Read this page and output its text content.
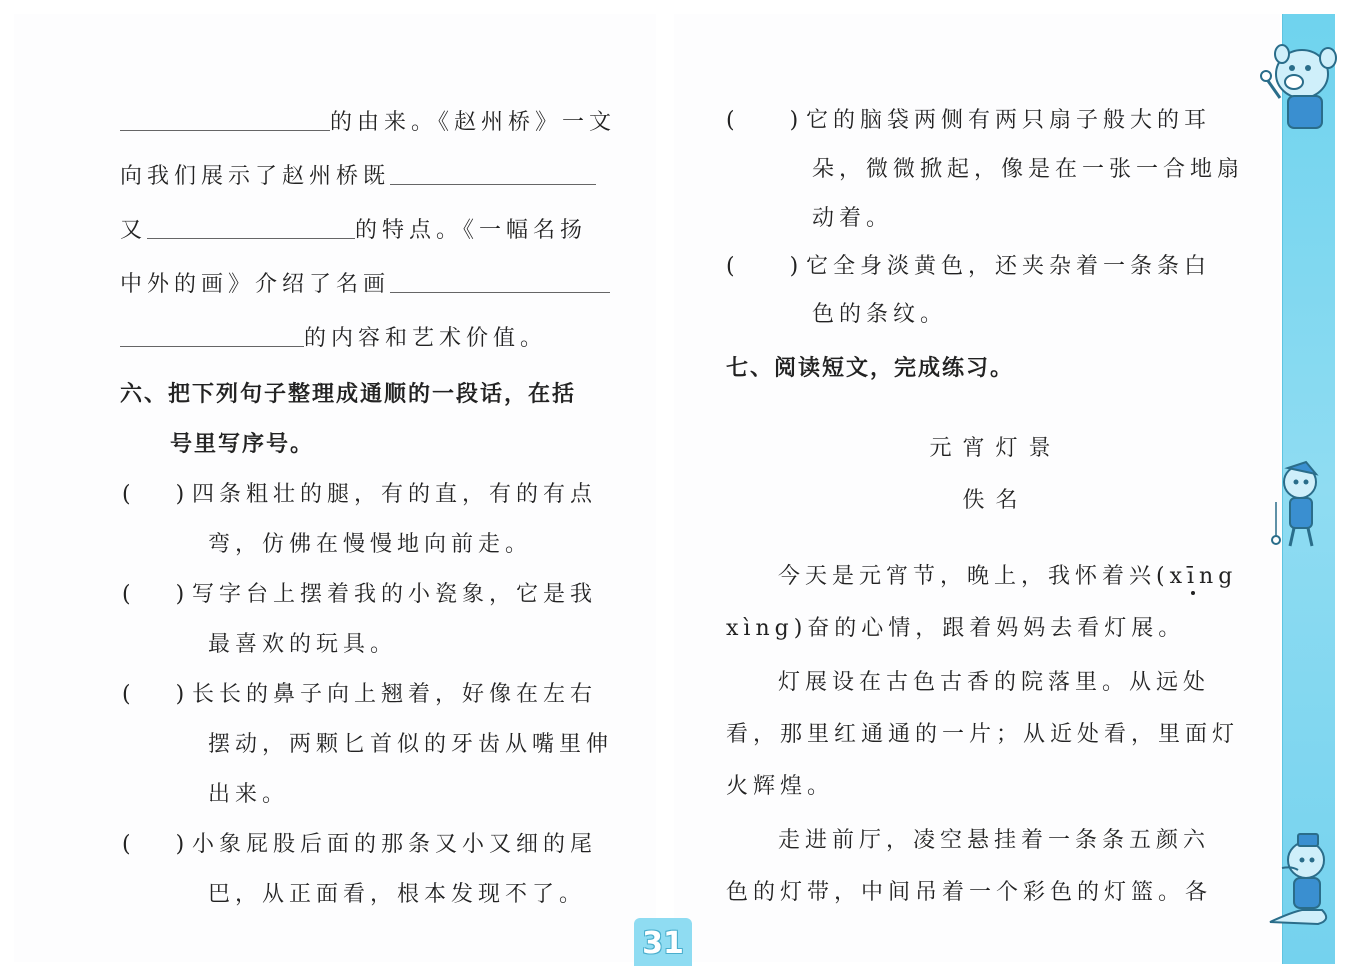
的由来。《赵州桥》一文
向我们展示了赵州桥既
又	的特点。《一幅名扬
中外的画》介绍了名画
的内容和艺术价值。
六、把下列句子整理成通顺的一段话，在括
号里写序号。
( ) 四条粗壮的腿，有的直，有的有点
弯，仿佛在慢慢地向前走。
( ) 写字台上摆着我的小瓷象，它是我
最喜欢的玩具。
( ) 长长的鼻子向上翘着，好像在左右
摆动，两颗匕首似的牙齿从嘴里伸
出来。
( ) 小象屁股后面的那条又小又细的尾
巴，从正面看，根本发现不了。
( ) 它的脑袋两侧有两只扇子般大的耳
朵，微微掀起，像是在一张一合地扇
动着。
( ) 它全身淡黄色，还夹杂着一条条白
色的条纹。
七、阅读短文，完成练习。
元 宵 灯 景
佚 名
今天是元宵节，晚上，我怀着兴(xīng
xìng)奋的心情，跟着妈妈去看灯展。
灯展设在古色古香的院落里。从远处
看，那里红通通的一片；从近处看，里面灯
火辉煌。
走进前厅，凌空悬挂着一条条五颜六
色的灯带，中间吊着一个彩色的灯篮。各
31
